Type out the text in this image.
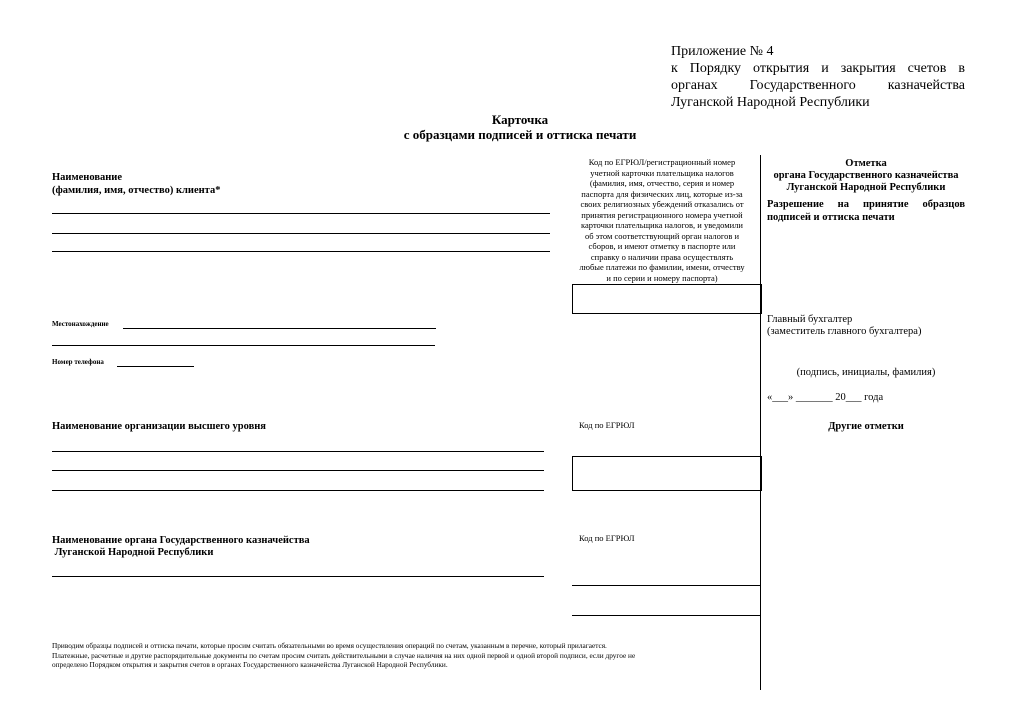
Приложение № 4
к Порядку открытия и закрытия счетов в
органах Государственного казначейства
Луганской Народной Республики
Карточка
с образцами подписей и оттиска печати
Наименование
(фамилия, имя, отчество) клиента*
Код по ЕГРЮЛ/регистрационный номер учетной карточки плательщика налогов (фамилия, имя, отчество, серия и номер паспорта для физических лиц, которые из-за своих религиозных убеждений отказались от принятия регистрационного номера учетной карточки плательщика налогов, и уведомили об этом соответствующий орган налогов и сборов, и имеют отметку в паспорте или справку о наличии права осуществлять любые платежи по фамилии, имени, отчеству и по серии и номеру паспорта)
Местонахождение
Номер телефона
Наименование организации высшего уровня	Код по ЕГРЮЛ
Наименование органа Государственного казначейства
Луганской Народной Республики
Код по ЕГРЮЛ
Приводим образцы подписей и оттиска печати, которые просим считать обязательными во время осуществления операций по счетам, указанным в перечне, который прилагается.
Платежные, расчетные и другие распорядительные документы по счетам просим считать действительными в случае наличия на них одной первой и одной второй подписи, если другое не
определено Порядком открытия и закрытия счетов в органах Государственного казначейства Луганской Народной Республики.
Отметка
органа Государственного казначейства
Луганской Народной Республики
Разрешение на принятие образцов подписей и оттиска печати
Главный бухгалтер
(заместитель главного бухгалтера)
(подпись, инициалы, фамилия)
«___» _______ 20___ года
Другие отметки
